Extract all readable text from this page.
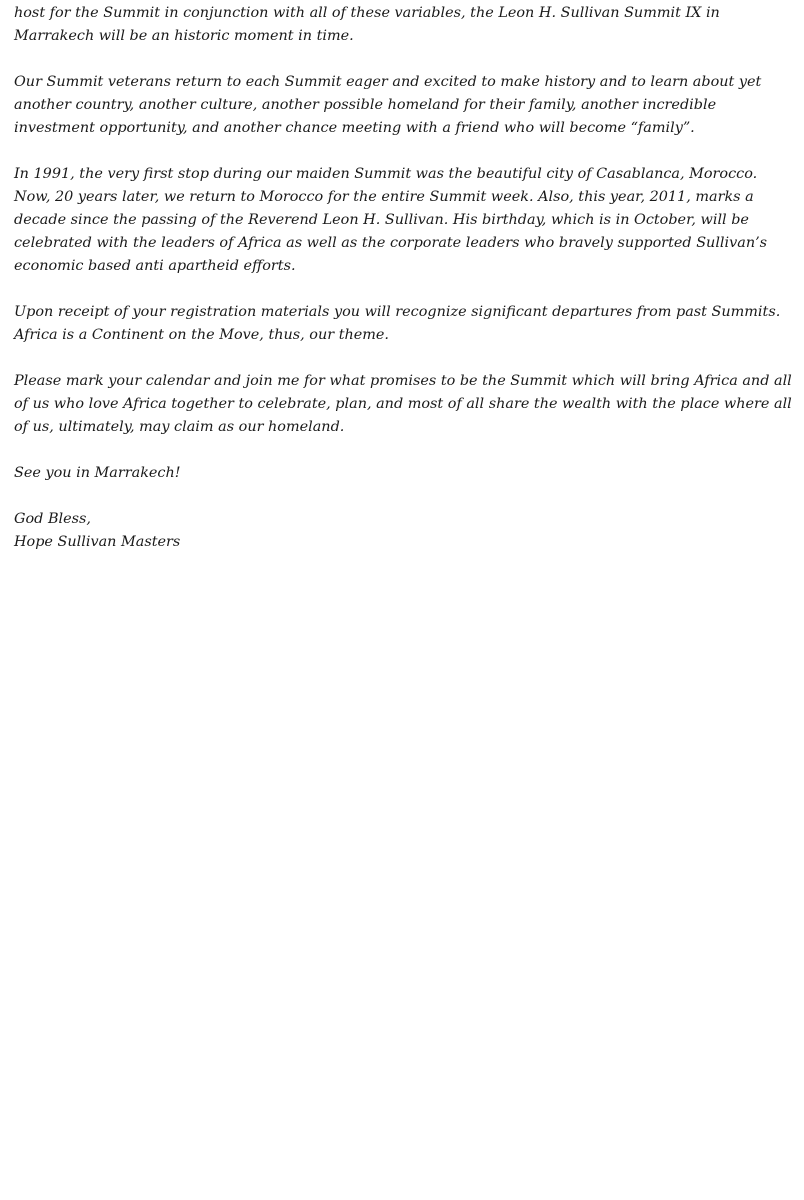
host for the Summit in conjunction with all of these variables, the Leon H. Sullivan Summit IX in Marrakech will be an historic moment in time.

Our Summit veterans return to each Summit eager and excited to make history and to learn about yet another country, another culture, another possible homeland for their family, another incredible investment opportunity, and another chance meeting with a friend who will become “family”.

In 1991, the very first stop during our maiden Summit was the beautiful city of Casablanca, Morocco. Now, 20 years later, we return to Morocco for the entire Summit week. Also, this year, 2011, marks a decade since the passing of the Reverend Leon H. Sullivan. His birthday, which is in October, will be celebrated with the leaders of Africa as well as the corporate leaders who bravely supported Sullivan’s economic based anti apartheid efforts.

Upon receipt of your registration materials you will recognize significant departures from past Summits. Africa is a Continent on the Move, thus, our theme.

Please mark your calendar and join me for what promises to be the Summit which will bring Africa and all of us who love Africa together to celebrate, plan, and most of all share the wealth with the place where all of us, ultimately, may claim as our homeland.

See you in Marrakech!

God Bless,

Hope Sullivan Masters
